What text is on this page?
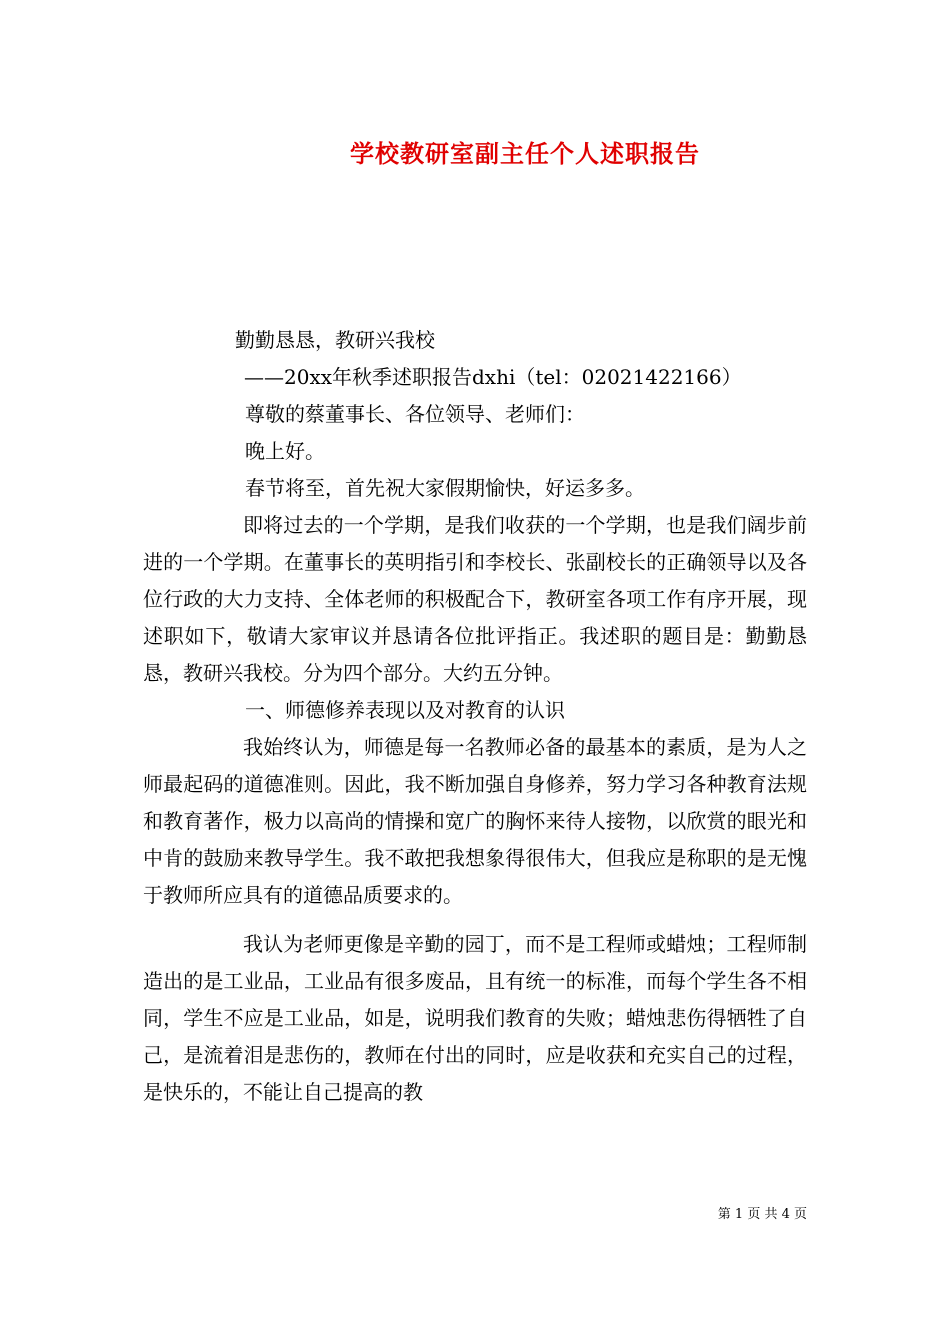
学校教研室副主任个人述职报告

勤勤恳恳，教研兴我校

——20xx年秋季述职报告dxhi（tel：02021422166）

尊敬的蔡董事长、各位领导、老师们：

晚上好。

春节将至，首先祝大家假期愉快，好运多多。

即将过去的一个学期，是我们收获的一个学期，也是我们阔步前进的一个学期。在董事长的英明指引和李校长、张副校长的正确领导以及各位行政的大力支持、全体老师的积极配合下，教研室各项工作有序开展，现述职如下，敬请大家审议并恳请各位批评指正。我述职的题目是：勤勤恳恳，教研兴我校。分为四个部分。大约五分钟。

一、师德修养表现以及对教育的认识

我始终认为，师德是每一名教师必备的最基本的素质，是为人之师最起码的道德准则。因此，我不断加强自身修养，努力学习各种教育法规和教育著作，极力以高尚的情操和宽广的胸怀来待人接物，以欣赏的眼光和中肯的鼓励来教导学生。我不敢把我想象得很伟大，但我应是称职的是无愧于教师所应具有的道德品质要求的。

我认为老师更像是辛勤的园丁，而不是工程师或蜡烛；工程师制造出的是工业品，工业品有很多废品，且有统一的标准，而每个学生各不相同，学生不应是工业品，如是，说明我们教育的失败；蜡烛悲伤得牺牲了自己，是流着泪是悲伤的，教师在付出的同时，应是收获和充实自己的过程，是快乐的，不能让自己提高的教

第 1 页 共 4 页
